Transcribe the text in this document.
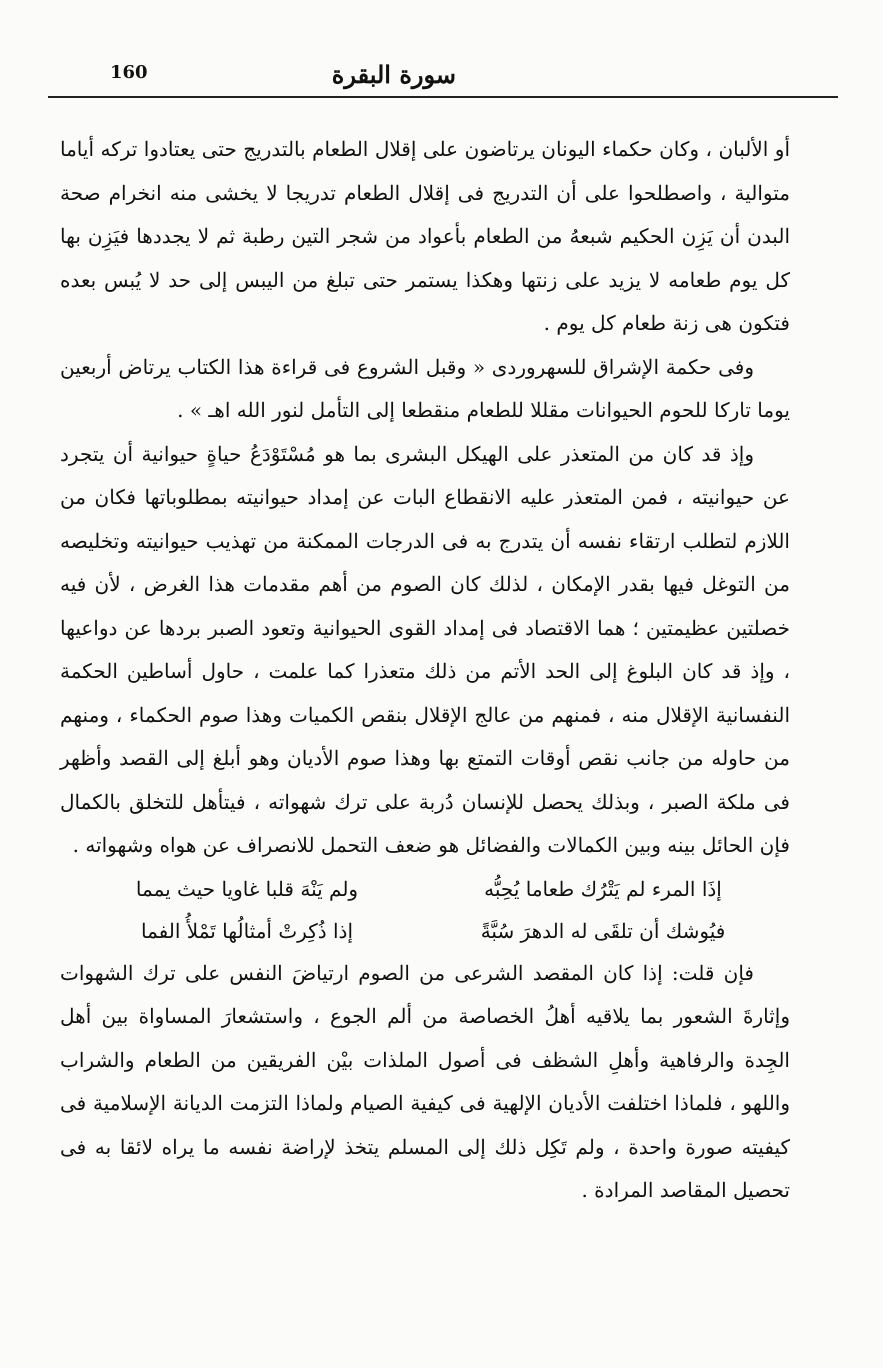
سورة البقرة
160

أو الألبان ، وكان حكماء اليونان يرتاضون على إقلال الطعام بالتدريج حتى يعتادوا تركه أياما متوالية ، واصطلحوا على أن التدريج فى إقلال الطعام تدريجا لا يخشى منه انخرام صحة البدن أن يَزِن الحكيم شبعهُ من الطعام بأعواد من شجر التين رطبة ثم لا يجددها فيَزِن بها كل يوم طعامه لا يزيد على زنتها وهكذا يستمر حتى تبلغ من اليبس إلى حد لا يُبس بعده فتكون هى زنة طعام كل يوم .

وفى حكمة الإشراق للسهروردى « وقبل الشروع فى قراءة هذا الكتاب يرتاض أربعين يوما تاركا للحوم الحيوانات مقللا للطعام منقطعا إلى التأمل لنور الله اهـ » .

وإذ قد كان من المتعذر على الهيكل البشرى بما هو مُسْتَوْدَعُ حياةٍ حيوانية أن يتجرد عن حيوانيته ، فمن المتعذر عليه الانقطاع البات عن إمداد حيوانيته بمطلوباتها فكان من اللازم لتطلب ارتقاء نفسه أن يتدرج به فى الدرجات الممكنة من تهذيب حيوانيته وتخليصه من التوغل فيها بقدر الإمكان ، لذلك كان الصوم من أهم مقدمات هذا الغرض ، لأن فيه خصلتين عظيمتين ؛ هما الاقتصاد فى إمداد القوى الحيوانية وتعود الصبر بردها عن دواعيها ، وإذ قد كان البلوغ إلى الحد الأتم من ذلك متعذرا كما علمت ، حاول أساطين الحكمة النفسانية الإقلال منه ، فمنهم من عالج الإقلال بنقص الكميات وهذا صوم الحكماء ، ومنهم من حاوله من جانب نقص أوقات التمتع بها وهذا صوم الأديان وهو أبلغ إلى القصد وأظهر فى ملكة الصبر ، وبذلك يحصل للإنسان دُربة على ترك شهواته ، فيتأهل للتخلق بالكمال فإن الحائل بينه وبين الكمالات والفضائل هو ضعف التحمل للانصراف عن هواه وشهواته .

إذَا المرء لم يَتْرُك طعاما يُحِبُّه
ولم يَنْهَ قلبا غاويا حيث يمما
فيُوشك أن تلقَى له الدهرَ سُبَّةً
إذا ذُكِرتْ أمثالُها تَمْلأُ الفما

فإن قلت: إذا كان المقصد الشرعى من الصوم ارتياضَ النفس على ترك الشهوات وإثارةَ الشعور بما يلاقيه أهلُ الخصاصة من ألم الجوع ، واستشعارَ المساواة بين أهل الجِدة والرفاهية وأهلِ الشظف فى أصول الملذات بيْن الفريقين من الطعام والشراب واللهو ، فلماذا اختلفت الأديان الإلهية فى كيفية الصيام ولماذا التزمت الديانة الإسلامية فى كيفيته صورة واحدة ، ولم تَكِل ذلك إلى المسلم يتخذ لإراضة نفسه ما يراه لائقا به فى تحصيل المقاصد المرادة .
